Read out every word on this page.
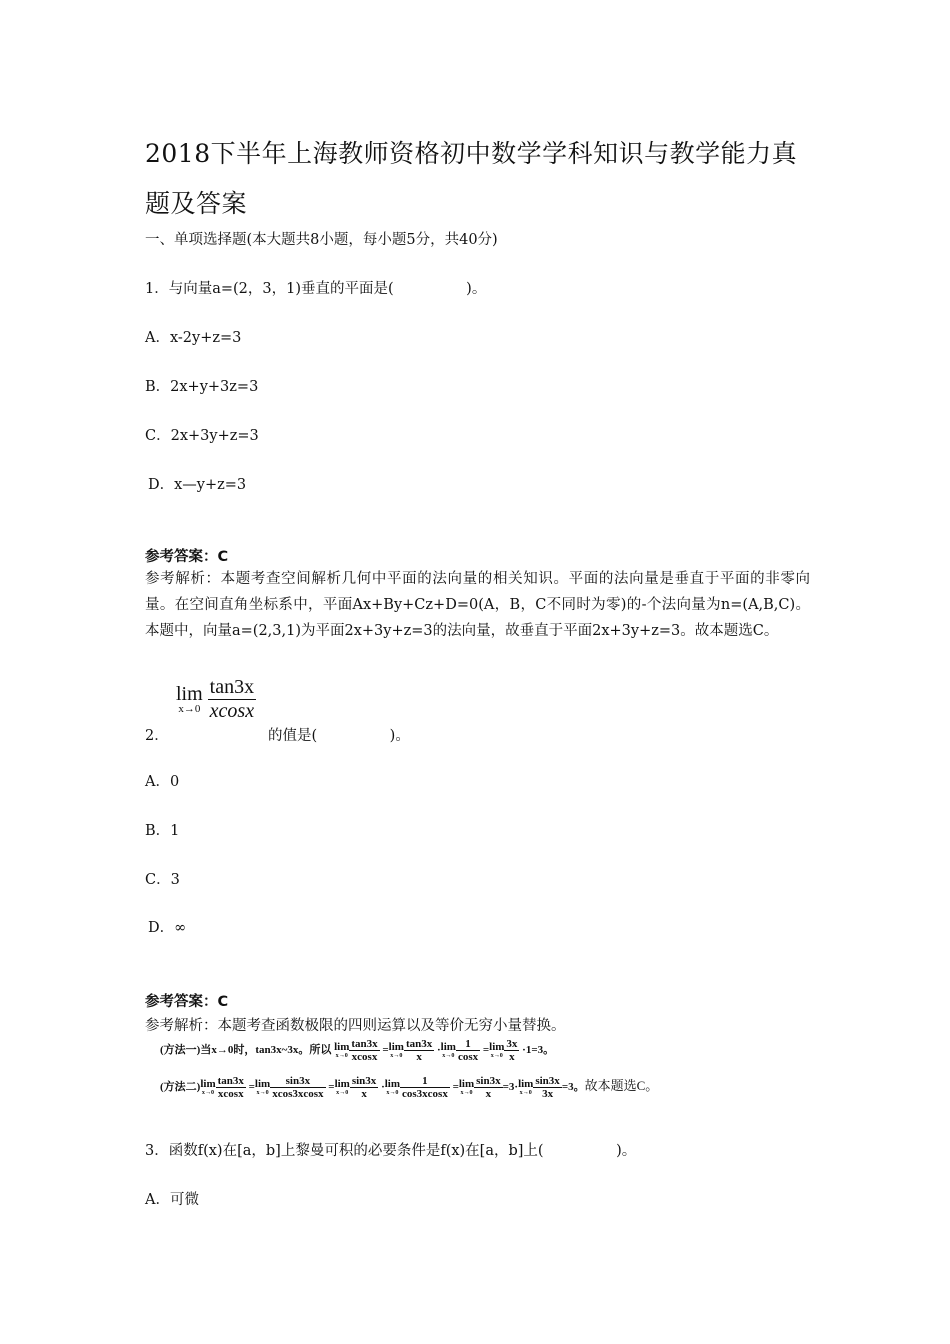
2018下半年上海教师资格初中数学学科知识与教学能力真
题及答案
一、单项选择题(本大题共8小题，每小题5分，共40分)
1．与向量a=(2，3，1)垂直的平面是(　　　　　)。
A．x-2y+z=3
B．2x+y+3z=3
C．2x+3y+z=3
D．x—y+z=3
参考答案：C
参考解析：本题考查空间解析几何中平面的法向量的相关知识。平面的法向量是垂直于平面的非零向量。在空间直角坐标系中，平面Ax+By+Cz+D=0(A，B，C不同时为零)的-个法向量为n=(A,B,C)。本题中，向量a=(2,3,1)为平面2x+3y+z=3的法向量，故垂直于平面2x+3y+z=3。故本题选C。
2．
lim
x→0
$\frac{\tan 3x}{xcosx}$
的值是(　　　　　)。
A．0
B．1
C．3
D．∞
参考答案：C
参考解析：本题考查函数极限的四则运算以及等价无穷小量替换。
(方法一)当x→0时，tan3x~3x。所以 lim
$x\to 0 \frac{\tan 3x}{xcosx} = \lim$
$x\to 0 \frac{\tan 3x}{x} \cdot \lim$
$x\to 0 \frac{1}{\cos x} = \lim$
$x\to 0 \frac{3x}{x} \cdot 1=3$。
(方法二) lim
$x\to 0 \frac{\tan 3x}{xcosx} = \lim$
$x\to 0 \frac{\sin 3x}{xcos3xcosx} = \lim$
$x\to 0 \frac{\sin 3x}{x} \cdot \lim$
$x\to 0 \frac{1}{\cos 3xcosx} = \lim$
$x\to 0 \frac{\sin 3x}{x} =3\cdot \lim$
$x\to 0 \frac{\sin 3x}{3x} =3$。故本题选C。
3．函数f(x)在[a，b]上黎曼可积的必要条件是f(x)在[a，b]上(　　　　　)。
A．可微
